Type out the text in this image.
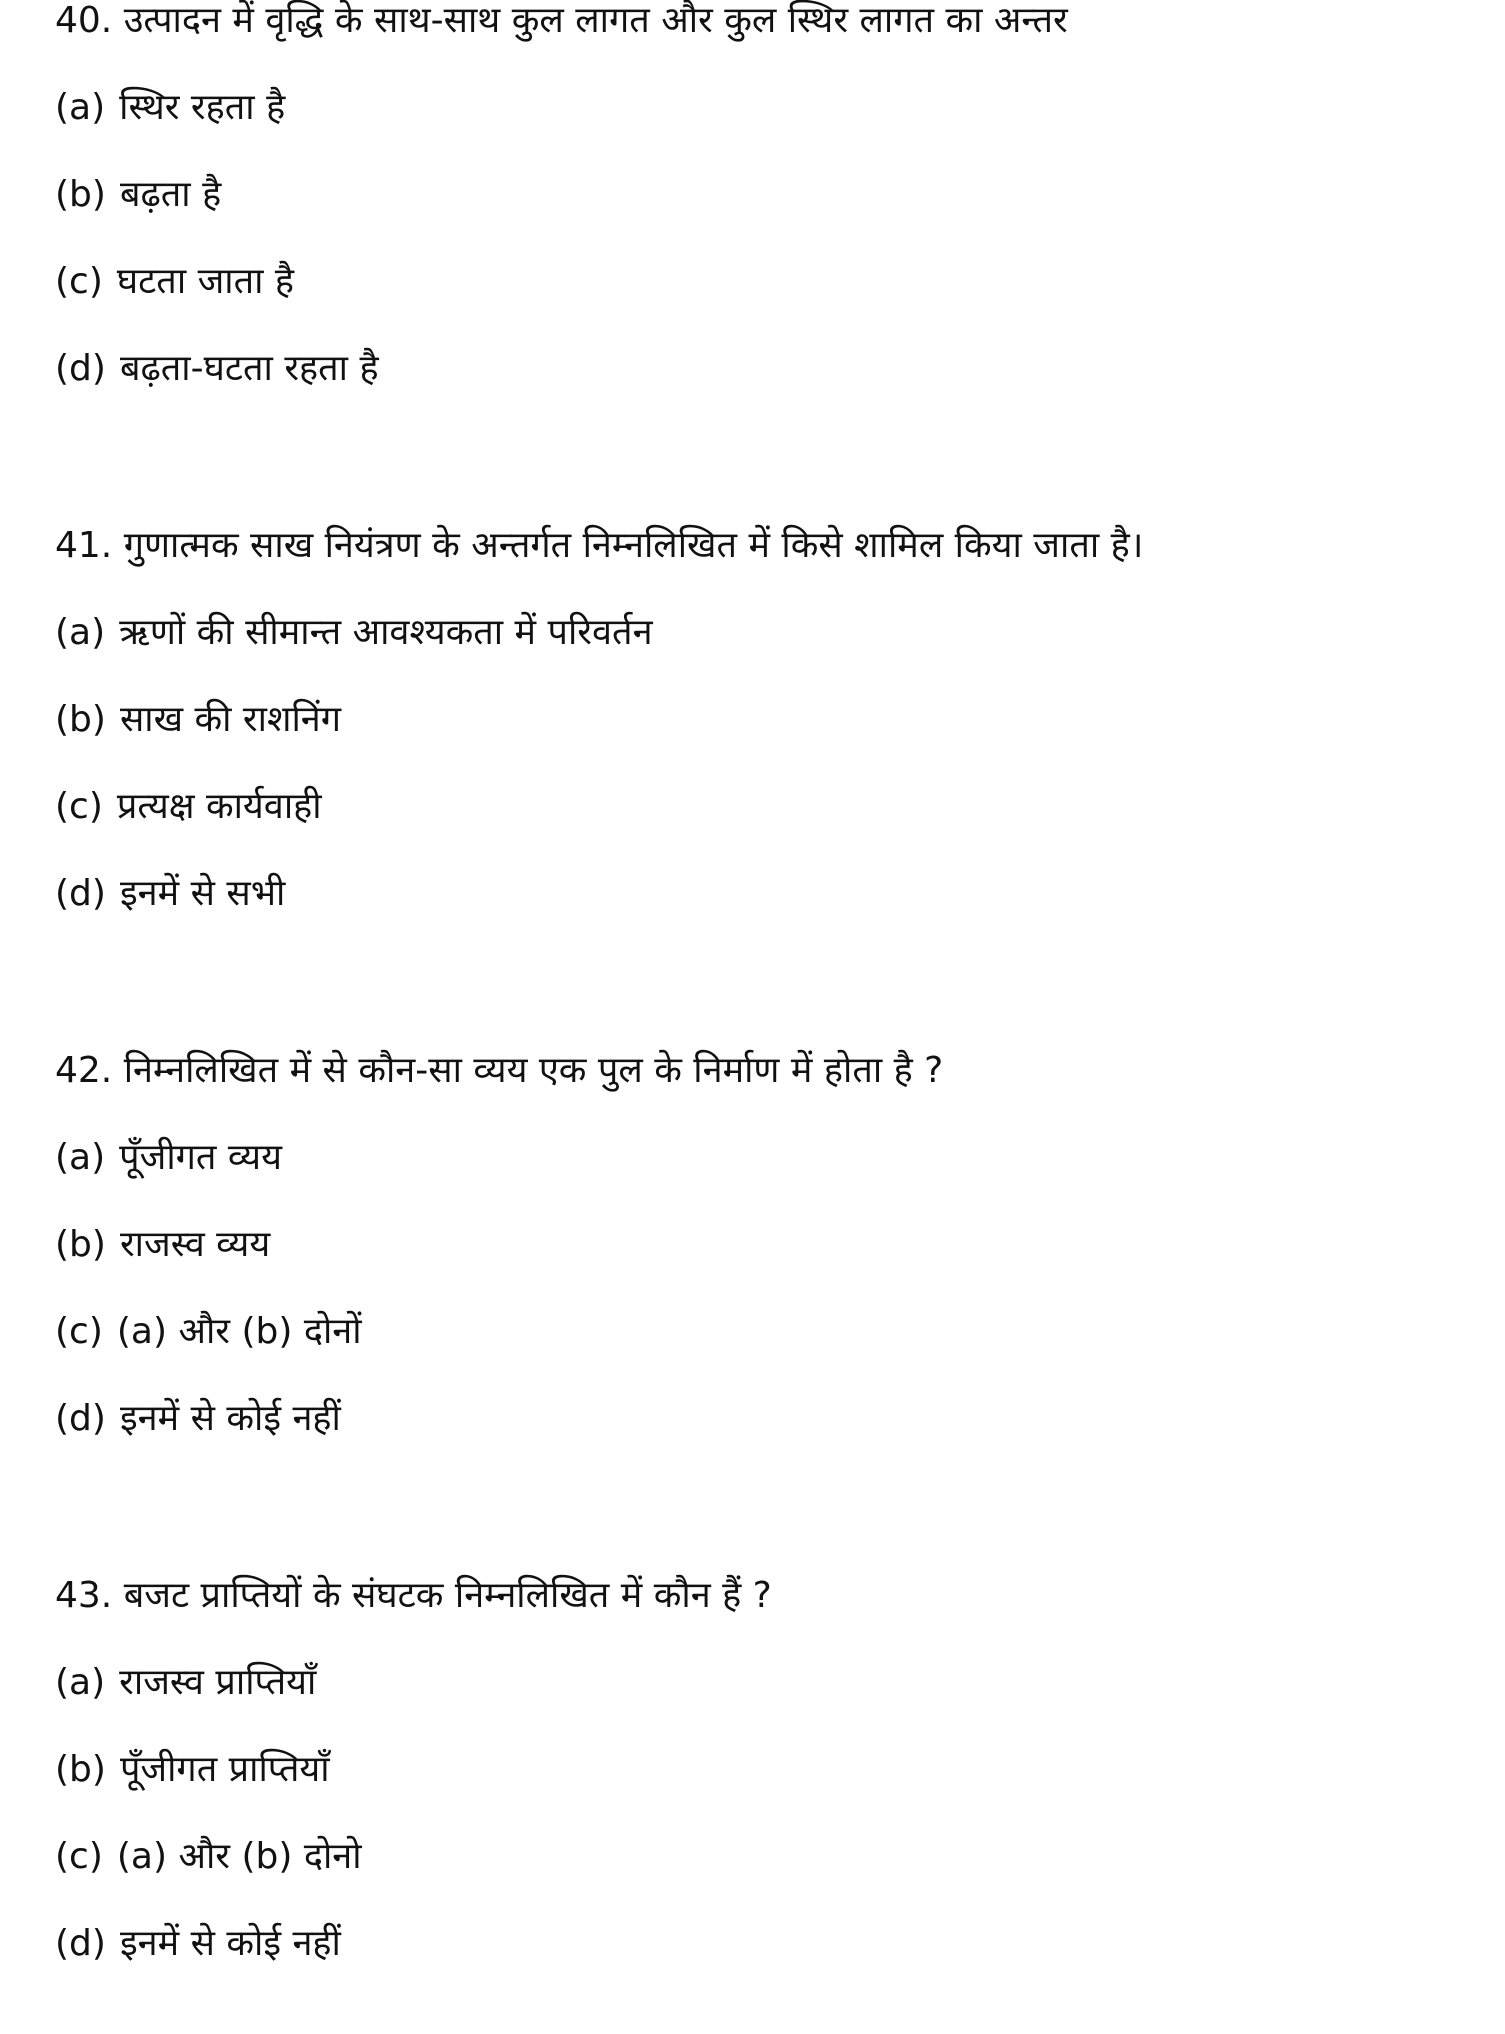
40. उत्पादन में वृद्धि के साथ-साथ कुल लागत और कुल स्थिर लागत का अन्तर
(a) स्थिर रहता है
(b) बढ़ता है
(c) घटता जाता है
(d) बढ़ता-घटता रहता है
41. गुणात्मक साख नियंत्रण के अन्तर्गत निम्नलिखित में किसे शामिल किया जाता है।
(a) ऋणों की सीमान्त आवश्यकता में परिवर्तन
(b) साख की राशनिंग
(c) प्रत्यक्ष कार्यवाही
(d) इनमें से सभी
42. निम्नलिखित में से कौन-सा व्यय एक पुल के निर्माण में होता है ?
(a) पूँजीगत व्यय
(b) राजस्व व्यय
(c) (a) और (b) दोनों
(d) इनमें से कोई नहीं
43. बजट प्राप्तियों के संघटक निम्नलिखित में कौन हैं ?
(a) राजस्व प्राप्तियाँ
(b) पूँजीगत प्राप्तियाँ
(c) (a) और (b) दोनो
(d) इनमें से कोई नहीं
